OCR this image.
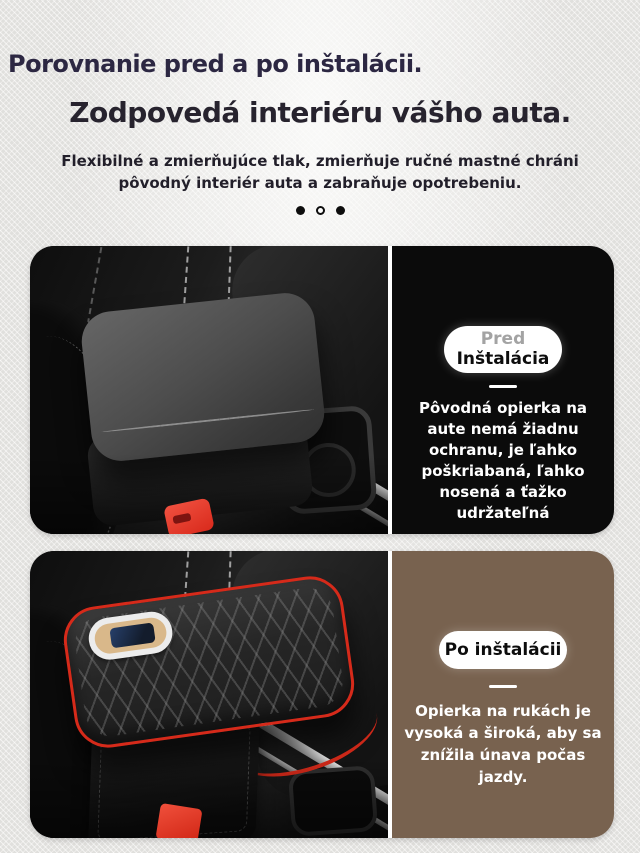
Porovnanie pred a po inštalácii.
Zodpovedá interiéru vášho auta.
Flexibilné a zmierňujúce tlak, zmierňuje ručné mastné chráni
pôvodný interiér auta a zabraňuje opotrebeniu.
Pred
Inštalácia
Pôvodná opierka na aute nemá žiadnu ochranu, je ľahko poškriabaná, ľahko nosená a ťažko udržateľná
Po inštalácii
Opierka na rukách je vysoká a široká, aby sa znížila únava počas jazdy.
